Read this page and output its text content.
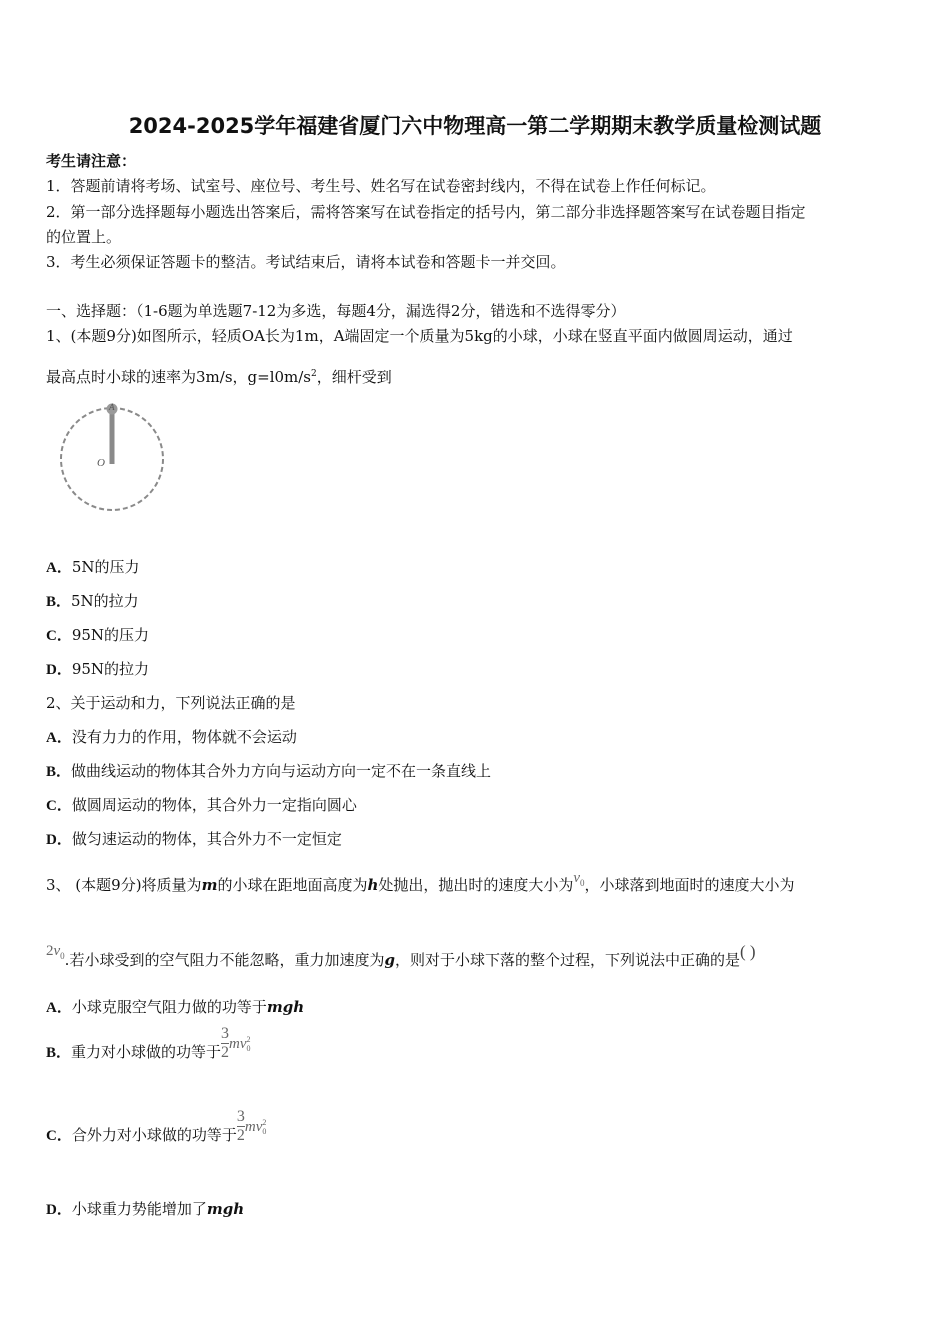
2024-2025学年福建省厦门六中物理高一第二学期期末教学质量检测试题
考生请注意：
1．答题前请将考场、试室号、座位号、考生号、姓名写在试卷密封线内，不得在试卷上作任何标记。
2．第一部分选择题每小题选出答案后，需将答案写在试卷指定的括号内，第二部分非选择题答案写在试卷题目指定
的位置上。
3．考生必须保证答题卡的整洁。考试结束后，请将本试卷和答题卡一并交回。
一、选择题：（1-6题为单选题7-12为多选，每题4分，漏选得2分，错选和不选得零分）
1、(本题9分)如图所示，轻质OA长为1m，A端固定一个质量为5kg的小球，小球在竖直平面内做圆周运动，通过
最高点时小球的速率为3m/s，$g=l0m/s^2$，细杆受到
A
O
A．5N的压力
B．5N的拉力
C．95N的压力
D．95N的拉力
2、关于运动和力，下列说法正确的是
A．没有力力的作用，物体就不会运动
B．做曲线运动的物体其合外力方向与运动方向一定不在一条直线上
C．做圆周运动的物体，其合外力一定指向圆心
D．做匀速运动的物体，其合外力不一定恒定
3、 (本题9分)将质量为m的小球在距地面高度为h处抛出，抛出时的速度大小为$v_0$，小球落到地面时的速度大小为
$2v_0$.若小球受到的空气阻力不能忽略，重力加速度为g，则对于小球下落的整个过程，下列说法中正确的是( )
A．小球克服空气阻力做的功等于mgh
B．重力对小球做的功等于 $\frac{3}{2}$ mv 2
0
C．合外力对小球做的功等于 $\frac{3}{2}$ mv 2
0
D．小球重力势能增加了mgh
